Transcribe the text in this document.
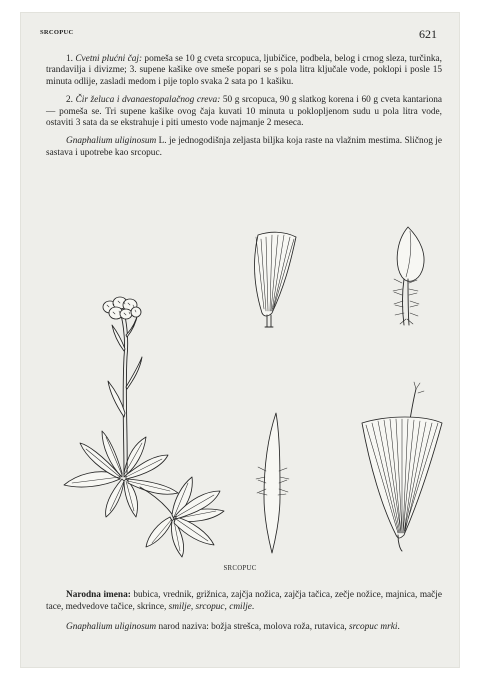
SRCOPUC	621

1. Cvetni plućni čaj: pomeša se 10 g cveta srcopuca, ljubičice, podbela, belog i crnog sleza, turčinka, trandavilja i divizme; 3. supene kašike ove smeše popari se s pola litra ključale vode, poklopi i posle 15 minuta odlije, zasladi medom i pije toplo svaka 2 sata po 1 kašiku.

2. Čir želuca i dvanaestopalačnog creva: 50 g srcopuca, 90 g slatkog korena i 60 g cveta kantariona — pomeša se. Tri supene kašike ovog čaja kuvati 10 minuta u poklopljenom sudu u pola litra vode, ostaviti 3 sata da se ekstrahuje i piti umesto vode najmanje 2 meseca.

Gnaphalium uliginosum L. je jednogodišnja zeljasta biljka koja raste na vlažnim mestima. Sličnog je sastava i upotrebe kao srcopuc.

SRCOPUC

Narodna imena: bubica, vrednik, grižnica, zajčja nožica, zajčja tačica, zečje nožice, majnica, mačje tace, medvedove tačice, skrince, smilje, srcopuc, cmilje.

Gnaphalium uliginosum narod naziva: božja strešca, molova roža, rutavica, srcopuc mrki.
